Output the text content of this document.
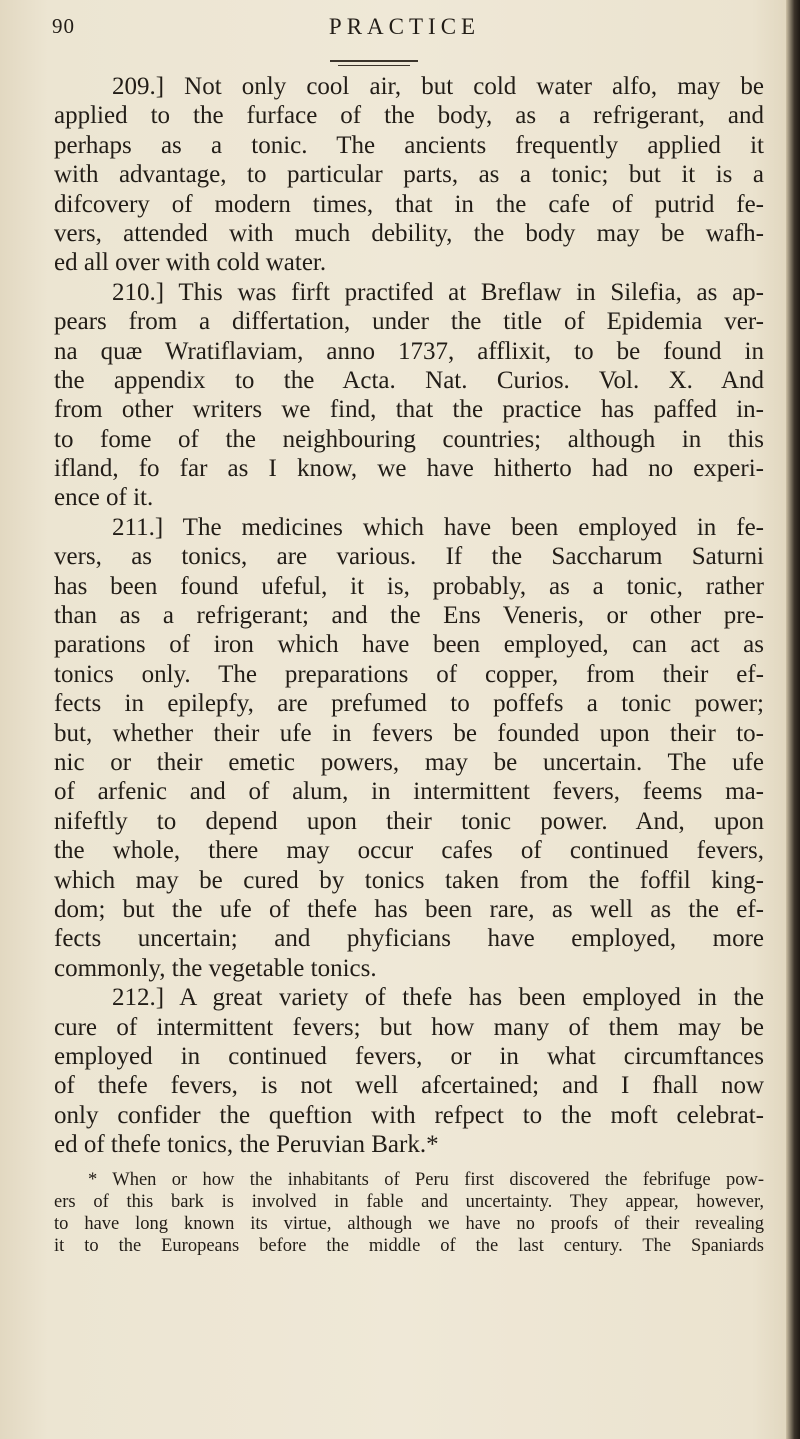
90	PRACTICE
209.] Not only cool air, but cold water alfo, may be
applied to the furface of the body, as a refrigerant, and
perhaps as a tonic. The ancients frequently applied it
with advantage, to particular parts, as a tonic; but it is a
difcovery of modern times, that in the cafe of putrid fe-
vers, attended with much debility, the body may be wafh-
ed all over with cold water.
210.] This was firft practifed at Breflaw in Silefia, as ap-
pears from a differtation, under the title of Epidemia ver-
na quæ Wratiflaviam, anno 1737, afflixit, to be found in
the appendix to the Acta. Nat. Curios. Vol. X. And
from other writers we find, that the practice has paffed in-
to fome of the neighbouring countries; although in this
ifland, fo far as I know, we have hitherto had no experi-
ence of it.
211.] The medicines which have been employed in fe-
vers, as tonics, are various. If the Saccharum Saturni
has been found ufeful, it is, probably, as a tonic, rather
than as a refrigerant; and the Ens Veneris, or other pre-
parations of iron which have been employed, can act as
tonics only. The preparations of copper, from their ef-
fects in epilepfy, are prefumed to poffefs a tonic power;
but, whether their ufe in fevers be founded upon their to-
nic or their emetic powers, may be uncertain. The ufe
of arfenic and of alum, in intermittent fevers, feems ma-
nifeftly to depend upon their tonic power. And, upon
the whole, there may occur cafes of continued fevers,
which may be cured by tonics taken from the foffil king-
dom; but the ufe of thefe has been rare, as well as the ef-
fects uncertain; and phyficians have employed, more
commonly, the vegetable tonics.
212.] A great variety of thefe has been employed in the
cure of intermittent fevers; but how many of them may be
employed in continued fevers, or in what circumftances
of thefe fevers, is not well afcertained; and I fhall now
only confider the queftion with refpect to the moft celebrat-
ed of thefe tonics, the Peruvian Bark.*
* When or how the inhabitants of Peru first discovered the febrifuge pow-
ers of this bark is involved in fable and uncertainty. They appear, however,
to have long known its virtue, although we have no proofs of their revealing
it to the Europeans before the middle of the last century. The Spaniards
